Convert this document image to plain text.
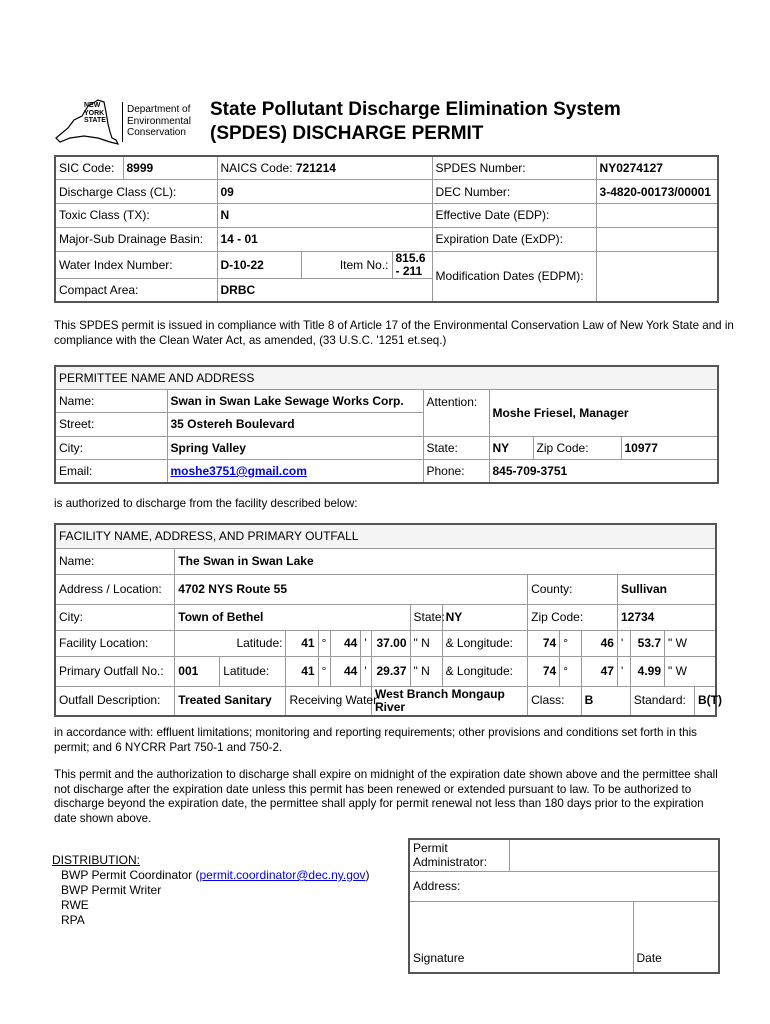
NEW
YORK
STATE
Department of
Environmental
Conservation
State Pollutant Discharge Elimination System
(SPDES) DISCHARGE PERMIT
SIC Code:	8999	NAICS Code: 721214			SPDES Number:	NY0274127
Discharge Class (CL):		09			DEC Number:	3-4820-00173/00001
Toxic Class (TX):		N			Effective Date (EDP):	
Major-Sub Drainage Basin:		14 - 01			Expiration Date (ExDP):	
Water Index Number:		D-10-22	Item No.:	815.6 - 211	Modification Dates (EDPM):	
Compact Area:		DRBC				
This SPDES permit is issued in compliance with Title 8 of Article 17 of the Environmental Conservation Law of New York State and in compliance with the Clean Water Act, as amended, (33 U.S.C. '1251 et.seq.)
PERMITTEE NAME AND ADDRESS					
Name:	Swan in Swan Lake Sewage Works Corp.	Attention:	Moshe Friesel, Manager		
Street:	35 Ostereh Boulevard				
City:	Spring Valley	State:	NY	Zip Code:	10977
Email:	moshe3751@gmail.com	Phone:	845-709-3751		
is authorized to discharge from the facility described below:
FACILITY NAME, ADDRESS, AND PRIMARY OUTFALL																
Name:	The Swan in Swan Lake															
Address / Location:	4702 NYS Route 55									County:			Sullivan			
City:	Town of Bethel							State:	NY	Zip Code:			12734			
Facility Location:	Latitude:		41	°	44	'	37.00	" N	& Longitude:	74	°	46	'	53.7	" W	
Primary Outfall No.:	001	Latitude:	41	°	44	'	29.37	" N	& Longitude:	74	°	47	'	4.99	" W	
Outfall Description:	Treated Sanitary		Receiving Water:				West Branch Mongaup River			Class:		B		Standard:		B(T)
in accordance with: effluent limitations; monitoring and reporting requirements; other provisions and conditions set forth in this permit; and 6 NYCRR Part 750-1 and 750-2.
This permit and the authorization to discharge shall expire on midnight of the expiration date shown above and the permittee shall not discharge after the expiration date unless this permit has been renewed or extended pursuant to law. To be authorized to discharge beyond the expiration date, the permittee shall apply for permit renewal not less than 180 days prior to the expiration date shown above.
DISTRIBUTION:
BWP Permit Coordinator (permit.coordinator@dec.ny.gov)
BWP Permit Writer
RWE
RPA
Permit Administrator:		
Address:		

Signature		Date
